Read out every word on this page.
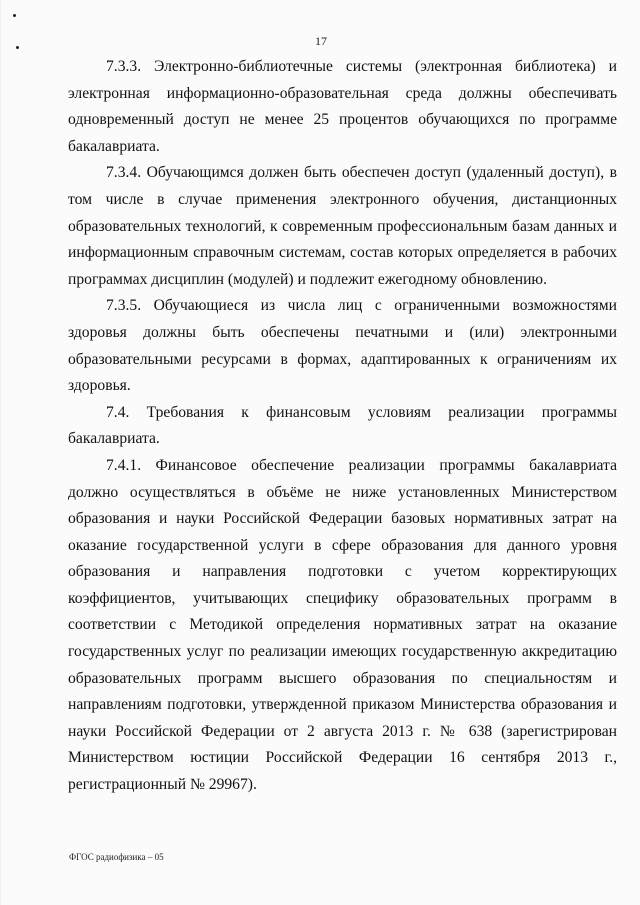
17

7.3.3. Электронно-библиотечные системы (электронная библиотека) и электронная информационно-образовательная среда должны обеспечивать одновременный доступ не менее 25 процентов обучающихся по программе бакалавриата.

7.3.4. Обучающимся должен быть обеспечен доступ (удаленный доступ), в том числе в случае применения электронного обучения, дистанционных образовательных технологий, к современным профессиональным базам данных и информационным справочным системам, состав которых определяется в рабочих программах дисциплин (модулей) и подлежит ежегодному обновлению.

7.3.5. Обучающиеся из числа лиц с ограниченными возможностями здоровья должны быть обеспечены печатными и (или) электронными образовательными ресурсами в формах, адаптированных к ограничениям их здоровья.

7.4. Требования к финансовым условиям реализации программы бакалавриата.

7.4.1. Финансовое обеспечение реализации программы бакалавриата должно осуществляться в объёме не ниже установленных Министерством образования и науки Российской Федерации базовых нормативных затрат на оказание государственной услуги в сфере образования для данного уровня образования и направления подготовки с учетом корректирующих коэффициентов, учитывающих специфику образовательных программ в соответствии с Методикой определения нормативных затрат на оказание государственных услуг по реализации имеющих государственную аккредитацию образовательных программ высшего образования по специальностям и направлениям подготовки, утвержденной приказом Министерства образования и науки Российской Федерации от 2 августа 2013 г. № 638 (зарегистрирован Министерством юстиции Российской Федерации 16 сентября 2013 г., регистрационный № 29967).

ФГОС радиофизика – 05
